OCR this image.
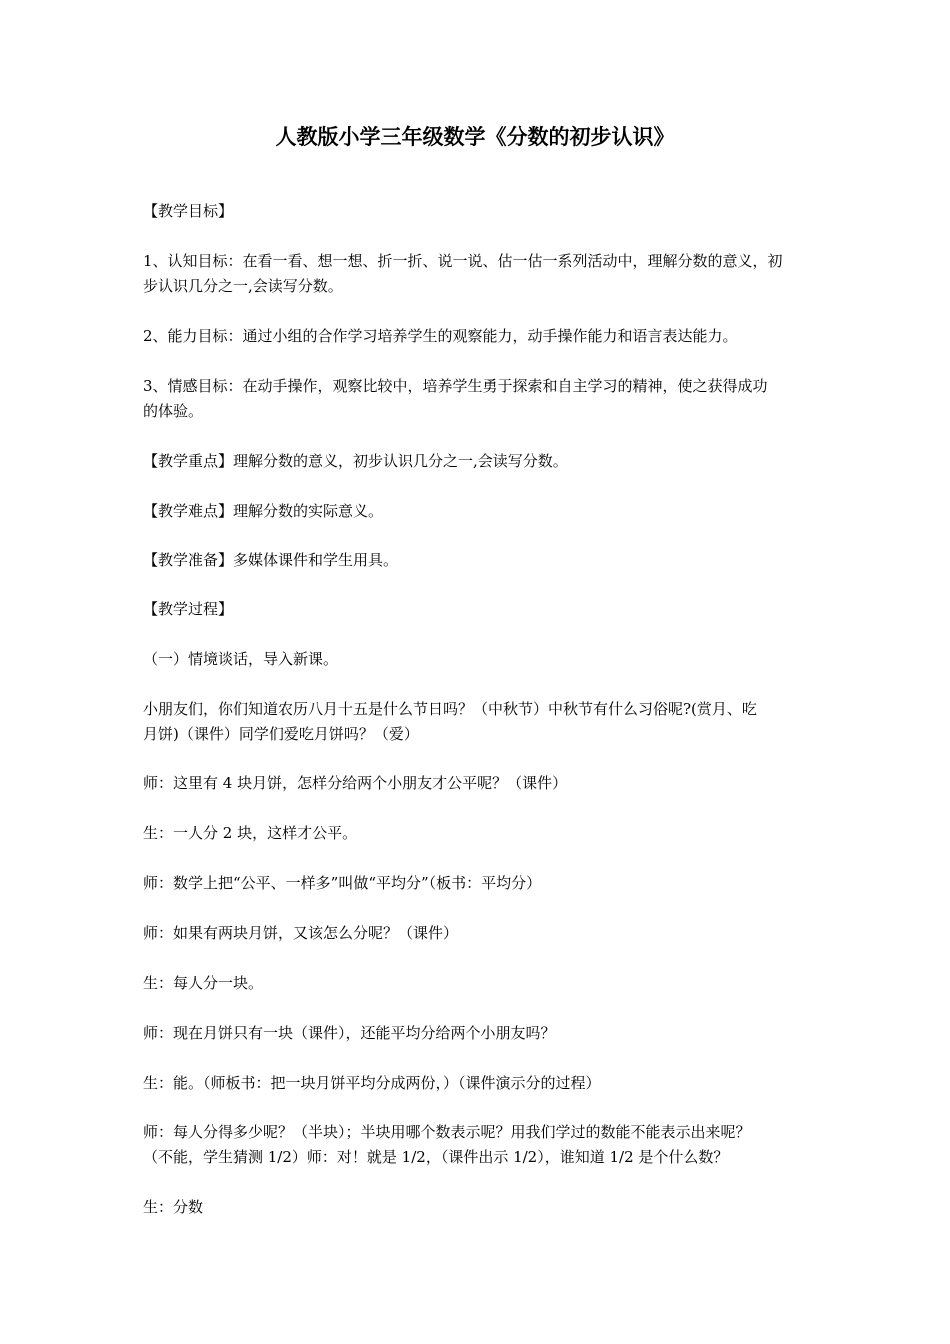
人教版小学三年级数学《分数的初步认识》
【教学目标】
1、认知目标：在看一看、想一想、折一折、说一说、估一估一系列活动中，理解分数的意义，初
步认识几分之一,会读写分数。
2、能力目标：通过小组的合作学习培养学生的观察能力，动手操作能力和语言表达能力。
3、情感目标：在动手操作，观察比较中，培养学生勇于探索和自主学习的精神，使之获得成功
的体验。
【教学重点】理解分数的意义，初步认识几分之一,会读写分数。
【教学难点】理解分数的实际意义。
【教学准备】多媒体课件和学生用具。
【教学过程】
（一）情境谈话，导入新课。
小朋友们，你们知道农历八月十五是什么节日吗？（中秋节）中秋节有什么习俗呢?(赏月、吃
月饼)（课件）同学们爱吃月饼吗？（爱）
师：这里有 4 块月饼，怎样分给两个小朋友才公平呢？（课件）
生：一人分 2 块，这样才公平。
师：数学上把“公平、一样多”叫做“平均分”（板书：平均分）
师：如果有两块月饼，又该怎么分呢？（课件）
生：每人分一块。
师：现在月饼只有一块（课件），还能平均分给两个小朋友吗？
生：能。（师板书：把一块月饼平均分成两份，）（课件演示分的过程）
师：每人分得多少呢？（半块）；半块用哪个数表示呢？用我们学过的数能不能表示出来呢？
（不能，学生猜测 1/2）师：对！就是 1/2，（课件出示 1/2），谁知道 1/2 是个什么数？
生：分数
